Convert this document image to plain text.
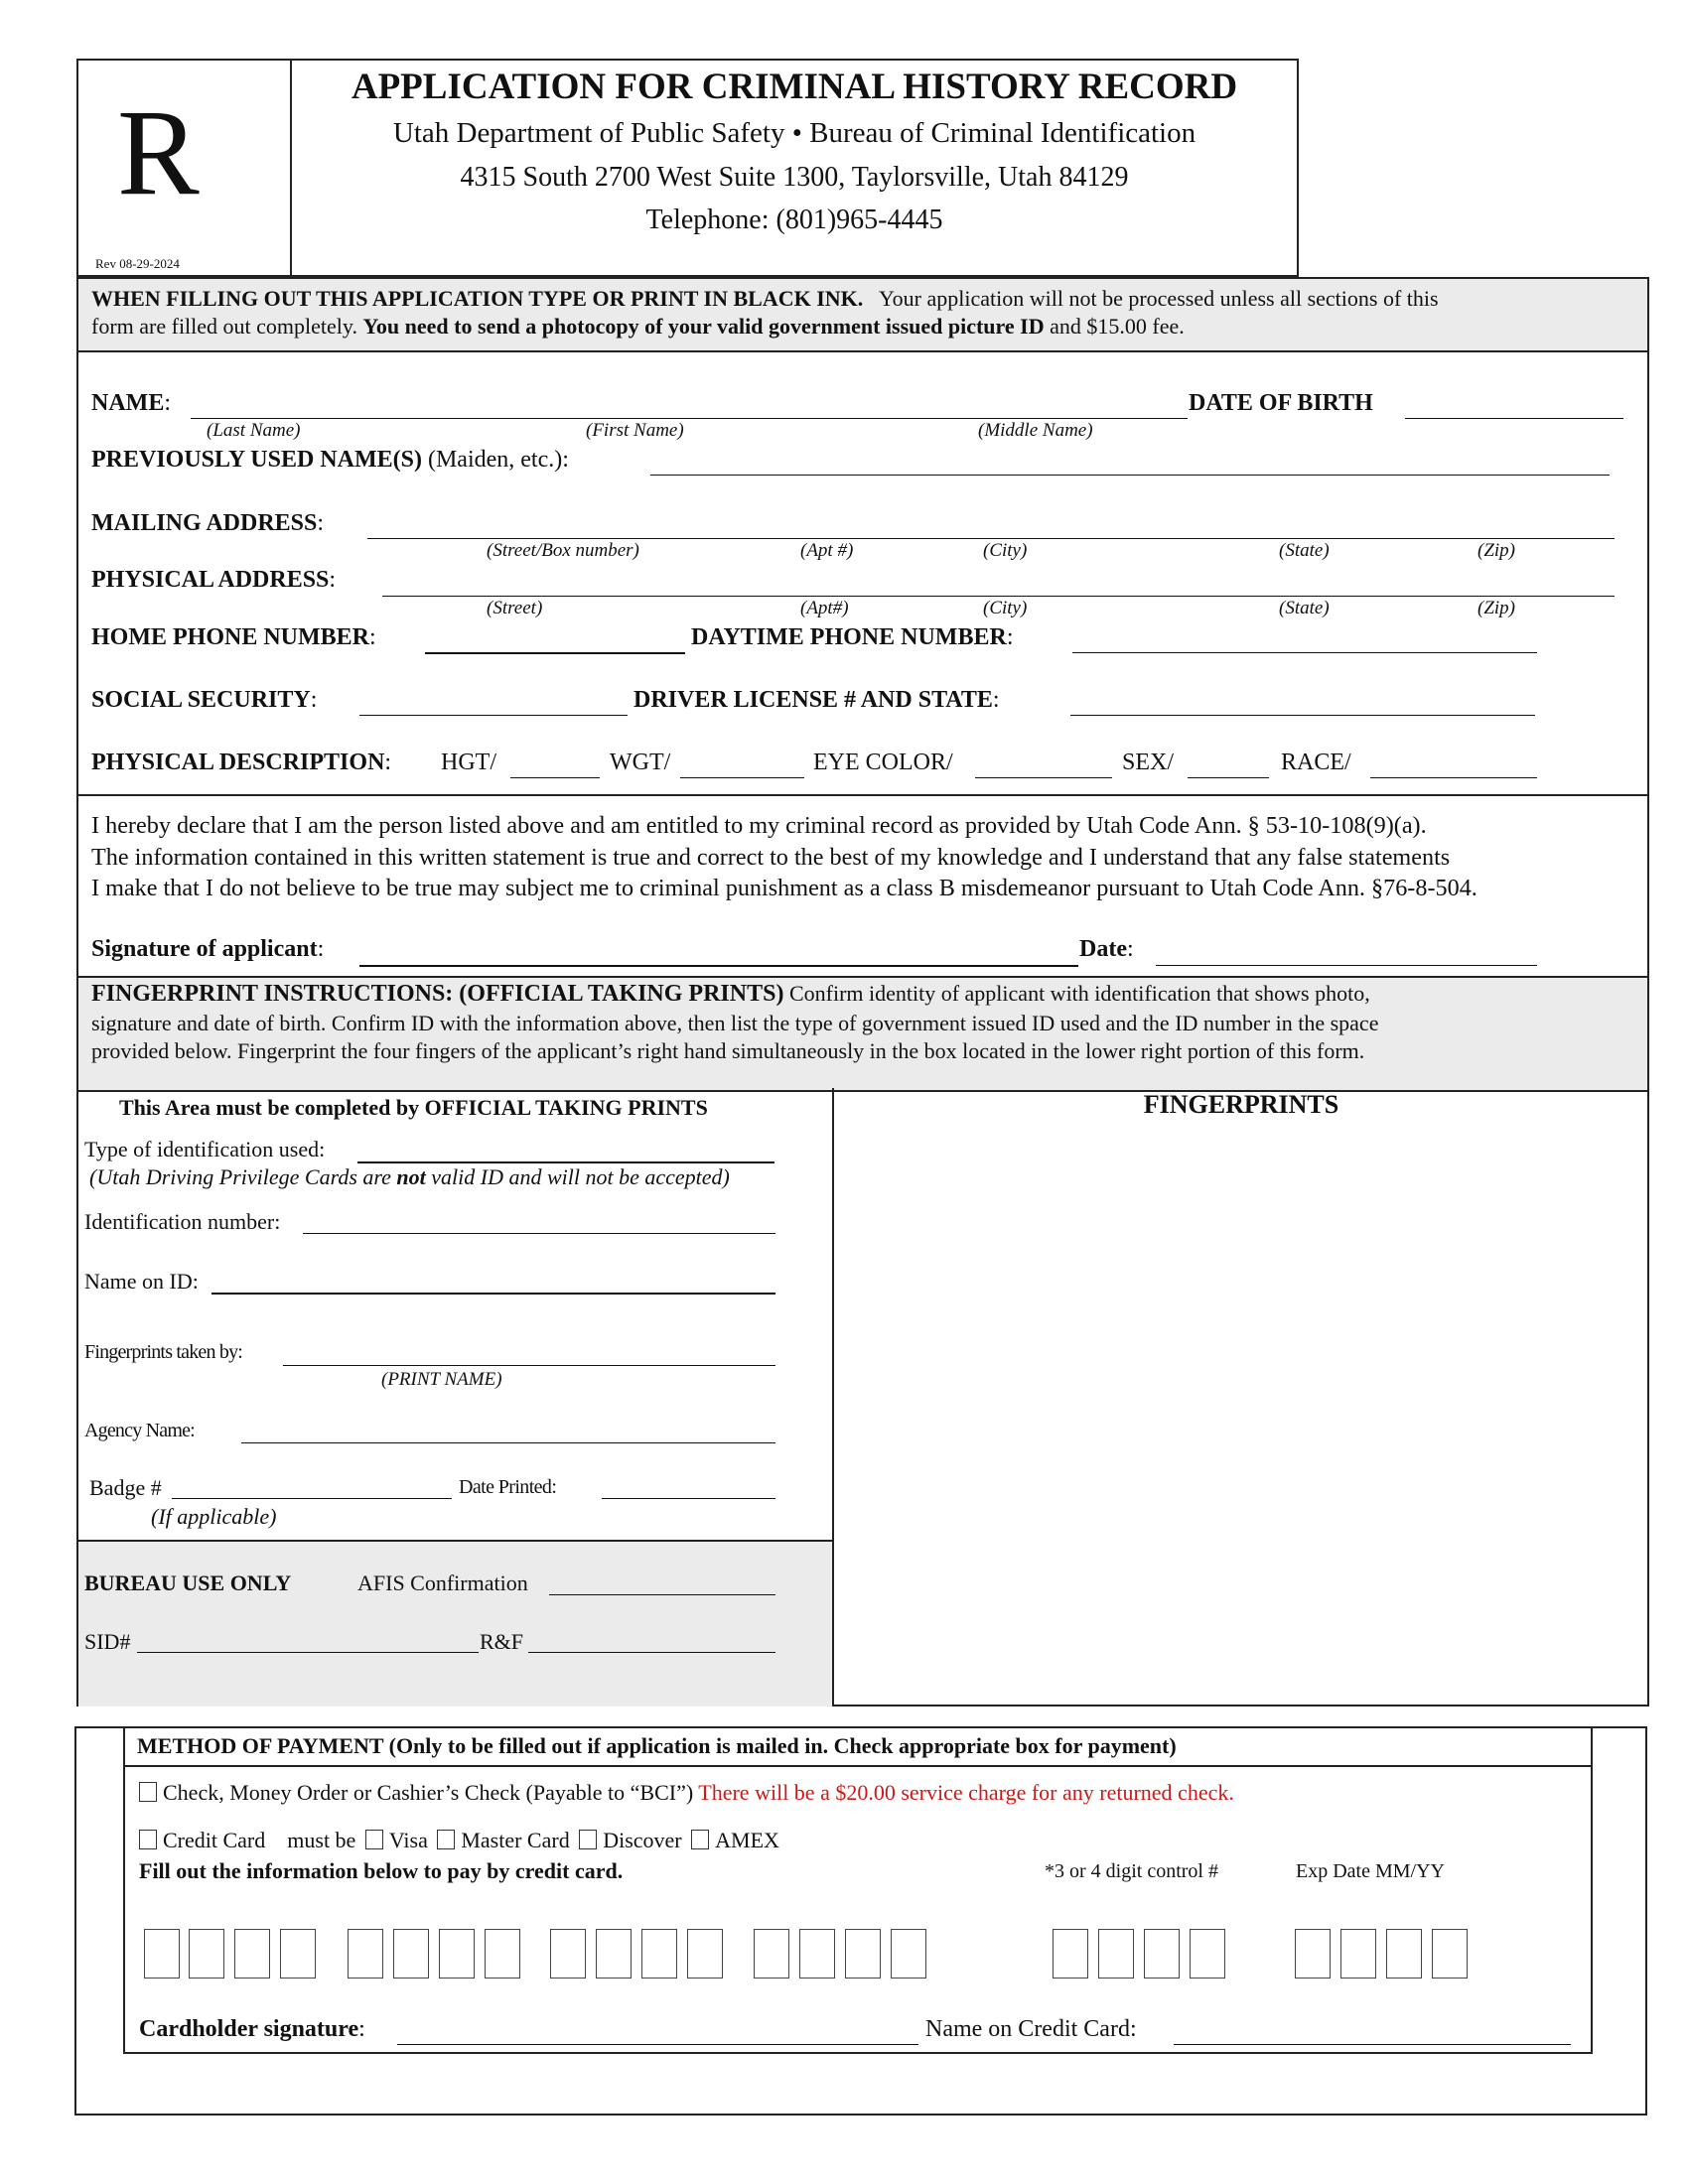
R
Rev 08-29-2024
APPLICATION FOR CRIMINAL HISTORY RECORD
Utah Department of Public Safety • Bureau of Criminal Identification
4315 South 2700 West Suite 1300, Taylorsville, Utah 84129
Telephone: (801)965-4445
WHEN FILLING OUT THIS APPLICATION TYPE OR PRINT IN BLACK INK. Your application will not be processed unless all sections of this
form are filled out completely. You need to send a photocopy of your valid government issued picture ID and $15.00 fee.
NAME:
(Last Name)	(First Name)	(Middle Name)
DATE OF BIRTH
PREVIOUSLY USED NAME(S) (Maiden, etc.):
MAILING ADDRESS:
(Street/Box number)	(Apt #)	(City)	(State)	(Zip)
PHYSICAL ADDRESS:
(Street)	(Apt#)	(City)	(State)	(Zip)
HOME PHONE NUMBER:	DAYTIME PHONE NUMBER:
SOCIAL SECURITY:	DRIVER LICENSE # AND STATE:
PHYSICAL DESCRIPTION: HGT/	WGT/	EYE COLOR/	SEX/	RACE/
I hereby declare that I am the person listed above and am entitled to my criminal record as provided by Utah Code Ann. § 53-10-108(9)(a).
The information contained in this written statement is true and correct to the best of my knowledge and I understand that any false statements
I make that I do not believe to be true may subject me to criminal punishment as a class B misdemeanor pursuant to Utah Code Ann. §76-8-504.
Signature of applicant:	Date:
FINGERPRINT INSTRUCTIONS: (OFFICIAL TAKING PRINTS) Confirm identity of applicant with identification that shows photo,
signature and date of birth. Confirm ID with the information above, then list the type of government issued ID used and the ID number in the space
provided below. Fingerprint the four fingers of the applicant’s right hand simultaneously in the box located in the lower right portion of this form.
This Area must be completed by OFFICIAL TAKING PRINTS
Type of identification used:
(Utah Driving Privilege Cards are not valid ID and will not be accepted)
Identification number:
Name on ID:
Fingerprints taken by:
(PRINT NAME)
Agency Name:
Badge #	Date Printed:
(If applicable)
BUREAU USE ONLY	AFIS Confirmation
SID#	R&F
FINGERPRINTS
METHOD OF PAYMENT (Only to be filled out if application is mailed in. Check appropriate box for payment)
Check, Money Order or Cashier’s Check (Payable to “BCI”) There will be a $20.00 service charge for any returned check.
Credit Card must be Visa Master Card Discover AMEX
Fill out the information below to pay by credit card.	*3 or 4 digit control #	Exp Date MM/YY
Cardholder signature:	Name on Credit Card:
